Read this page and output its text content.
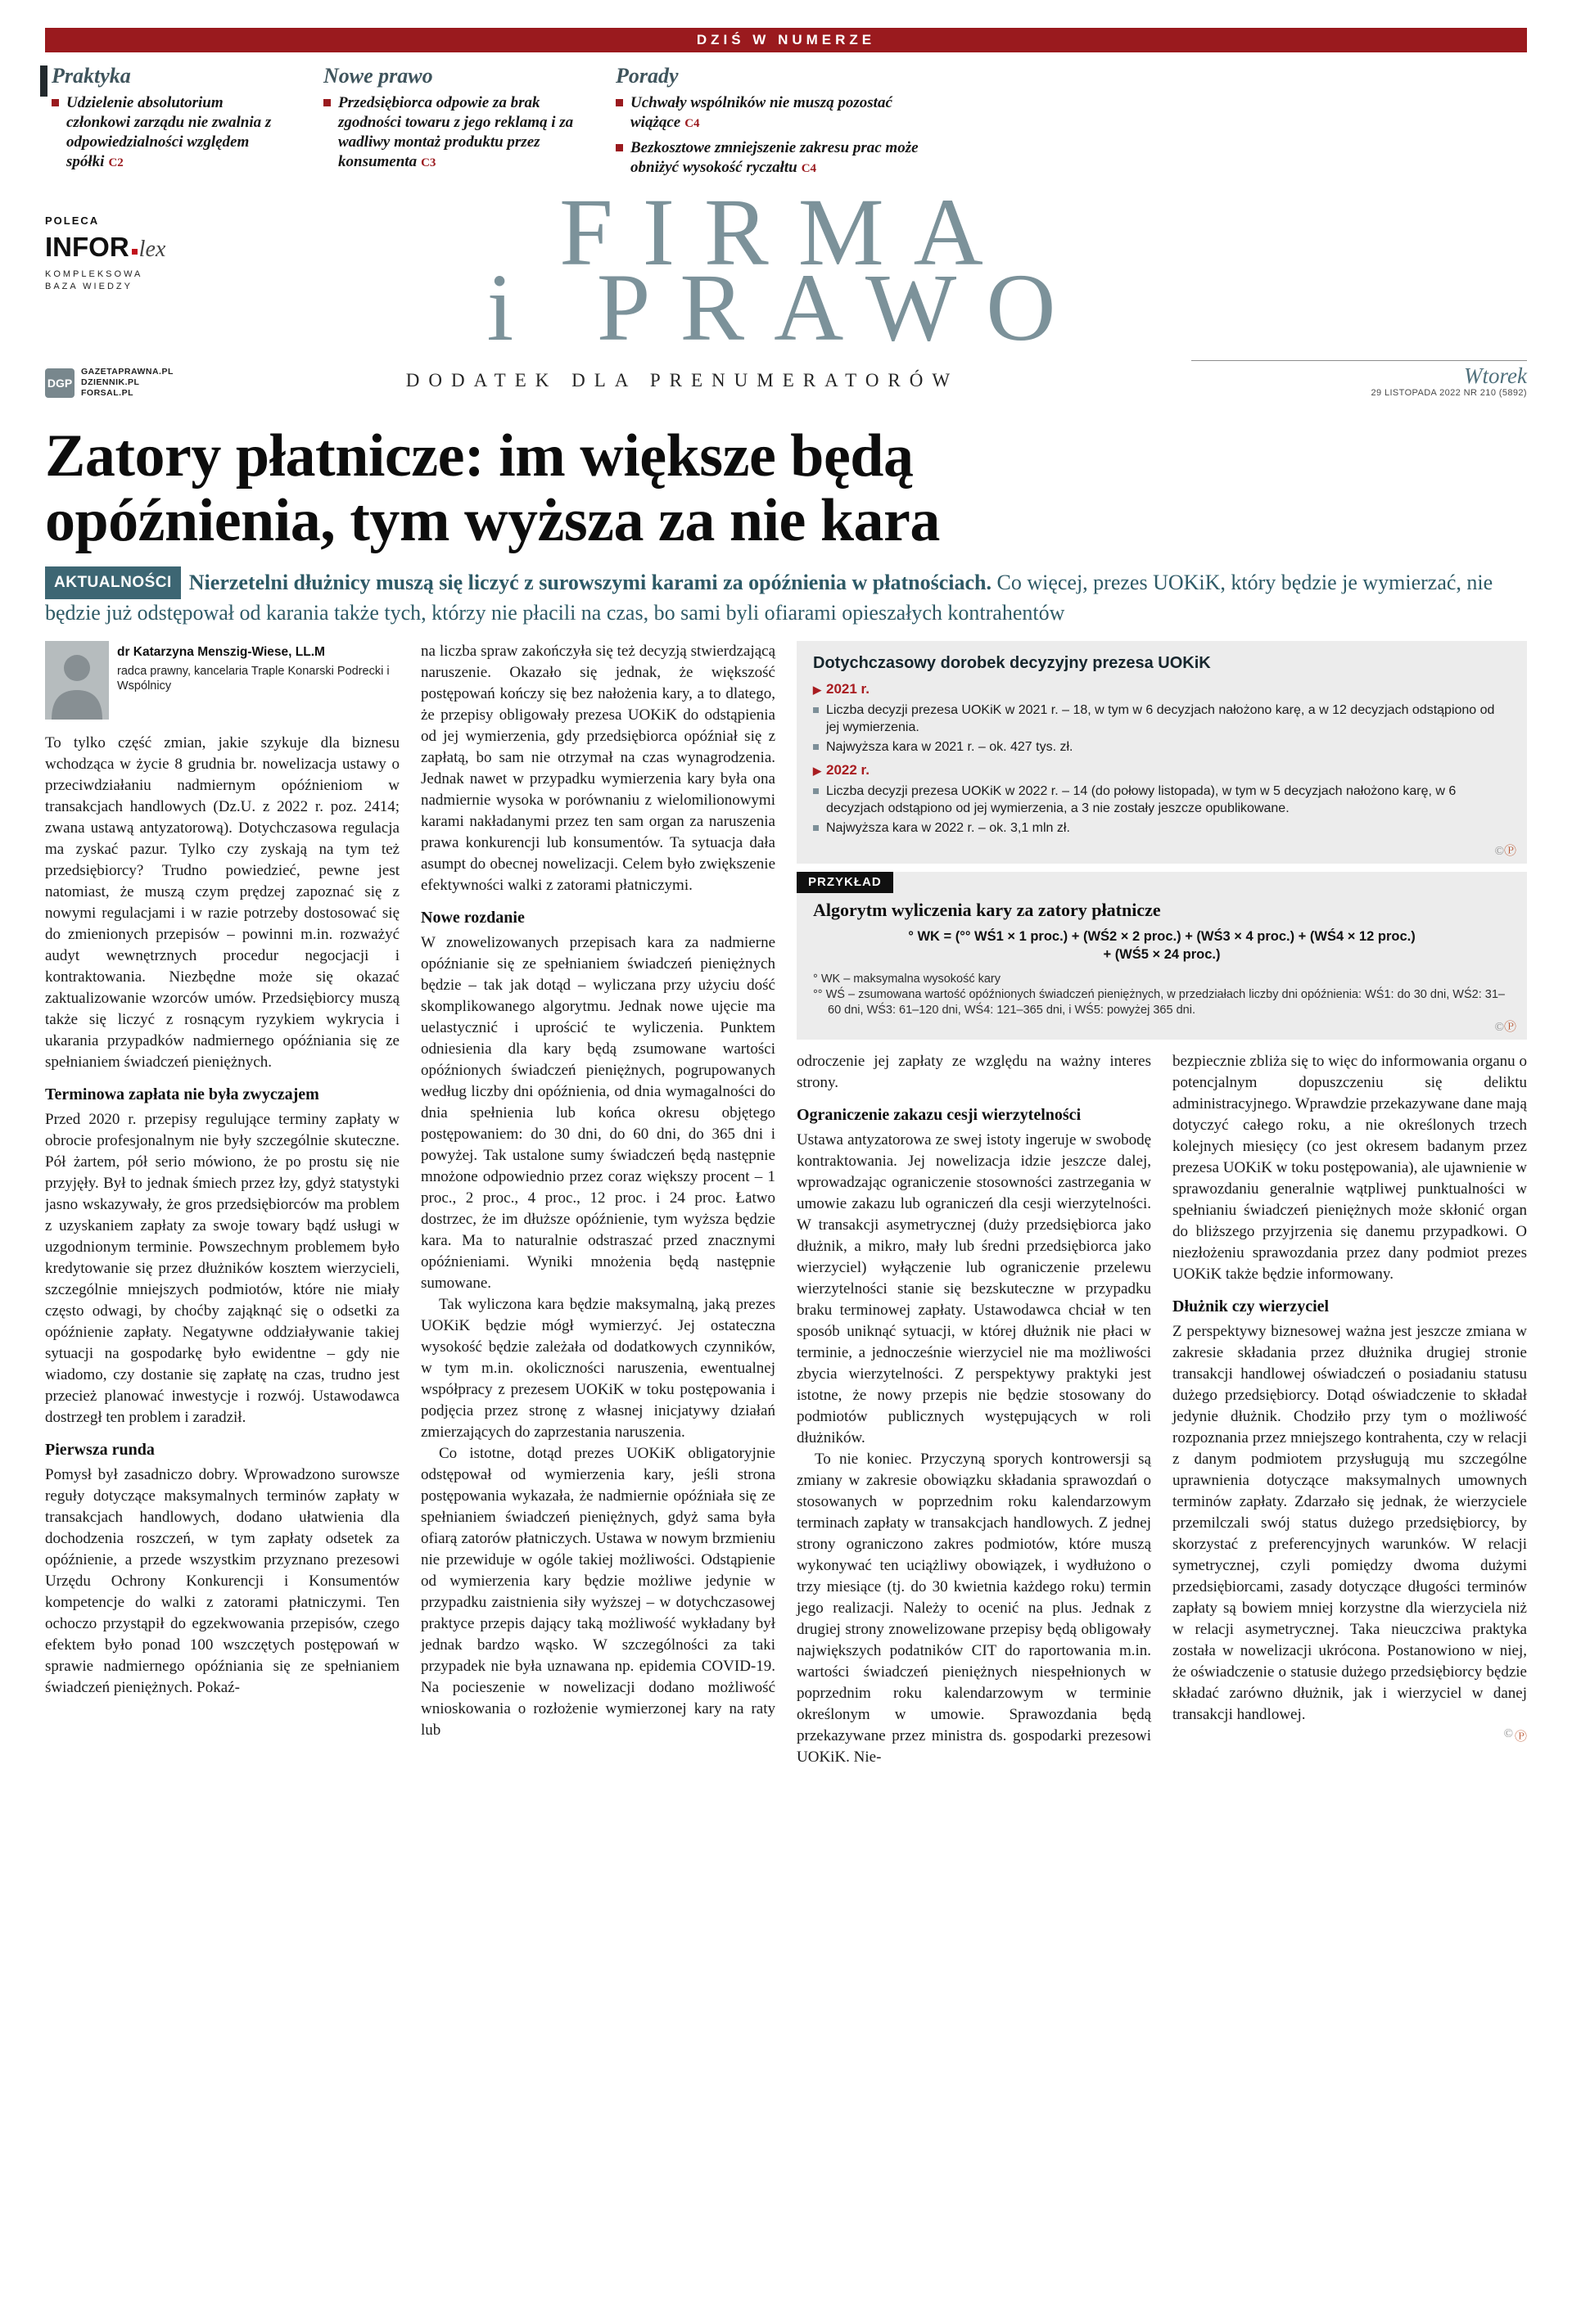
DZIŚ W NUMERZE
Praktyka
Udzielenie absolutorium członkowi zarządu nie zwalnia z odpowiedzialności względem spółki C2
Nowe prawo
Przedsiębiorca odpowie za brak zgodności towaru z jego reklamą i za wadliwy montaż produktu przez konsumenta C3
Porady
Uchwały wspólników nie muszą pozostać wiążące C4
Bezkosztowe zmniejszenie zakresu prac może obniżyć wysokość ryczałtu C4
POLECA
INFOR lex
KOMPLEKSOWA
BAZA WIEDZY
FIRMA
i PRAWO
DGP
GAZETAPRAWNA.PL
DZIENNIK.PL
FORSAL.PL
DODATEK DLA PRENUMERATORÓW	Wtorek
29 LISTOPADA 2022 NR 210 (5892)
Zatory płatnicze: im większe będą
opóźnienia, tym wyższa za nie kara

AKTUALNOŚCI Nierzetelni dłużnicy muszą się liczyć z surowszymi karami za opóźnienia w płatnościach. Co więcej, prezes UOKiK, który będzie je wymierzać, nie będzie już odstępował od karania także tych, którzy nie płacili na czas, bo sami byli ofiarami opieszałych kontrahentów

dr Katarzyna Menszig-Wiese, LL.M
radca prawny, kancelaria Traple Konarski Podrecki i Wspólnicy

To tylko część zmian, jakie szykuje dla biznesu wchodząca w życie 8 grudnia br. nowelizacja ustawy o przeciwdziałaniu nadmiernym opóźnieniom w transakcjach handlowych (Dz.U. z 2022 r. poz. 2414; zwana ustawą antyzatorową). Dotychczasowa regulacja ma zyskać pazur. Tylko czy zyskają na tym też przedsiębiorcy? Trudno powiedzieć, pewne jest natomiast, że muszą czym prędzej zapoznać się z nowymi regulacjami i w razie potrzeby dostosować się do zmienionych przepisów – powinni m.in. rozważyć audyt wewnętrznych procedur negocjacji i kontraktowania. Niezbędne może się okazać zaktualizowanie wzorców umów. Przedsiębiorcy muszą także się liczyć z rosnącym ryzykiem wykrycia i ukarania przypadków nadmiernego opóźniania się ze spełnianiem świadczeń pieniężnych.

Terminowa zapłata nie była zwyczajem

Przed 2020 r. przepisy regulujące terminy zapłaty w obrocie profesjonalnym nie były szczególnie skuteczne. Pół żartem, pół serio mówiono, że po prostu się nie przyjęły. Był to jednak śmiech przez łzy, gdyż statystyki jasno wskazywały, że gros przedsiębiorców ma problem z uzyskaniem zapłaty za swoje towary bądź usługi w uzgodnionym terminie. Powszechnym problemem było kredytowanie się przez dłużników kosztem wierzycieli, szczególnie mniejszych podmiotów, które nie miały często odwagi, by choćby zająknąć się o odsetki za opóźnienie zapłaty. Negatywne oddziaływanie takiej sytuacji na gospodarkę było ewidentne – gdy nie wiadomo, czy dostanie się zapłatę na czas, trudno jest przecież planować inwestycje i rozwój. Ustawodawca dostrzegł ten problem i zaradził.

Pierwsza runda

Pomysł był zasadniczo dobry. Wprowadzono surowsze reguły dotyczące maksymalnych terminów zapłaty w transakcjach handlowych, dodano ułatwienia dla dochodzenia roszczeń, w tym zapłaty odsetek za opóźnienie, a przede wszystkim przyznano prezesowi Urzędu Ochrony Konkurencji i Konsumentów kompetencje do walki z zatorami płatniczymi. Ten ochoczo przystąpił do egzekwowania przepisów, czego efektem było ponad 100 wszczętych postępowań w sprawie nadmiernego opóźniania się ze spełnianiem świadczeń pieniężnych. Pokaź-

na liczba spraw zakończyła się też decyzją stwierdzającą naruszenie. Okazało się jednak, że większość postępowań kończy się bez nałożenia kary, a to dlatego, że przepisy obligowały prezesa UOKiK do odstąpienia od jej wymierzenia, gdy przedsiębiorca opóźniał się z zapłatą, bo sam nie otrzymał na czas wynagrodzenia. Jednak nawet w przypadku wymierzenia kary była ona nadmiernie wysoka w porównaniu z wielomilionowymi karami nakładanymi przez ten sam organ za naruszenia prawa konkurencji lub konsumentów. Ta sytuacja dała asumpt do obecnej nowelizacji. Celem było zwiększenie efektywności walki z zatorami płatniczymi.

Nowe rozdanie

W znowelizowanych przepisach kara za nadmierne opóźnianie się ze spełnianiem świadczeń pieniężnych będzie – tak jak dotąd – wyliczana przy użyciu dość skomplikowanego algorytmu. Jednak nowe ujęcie ma uelastycznić i uprościć te wyliczenia. Punktem odniesienia dla kary będą zsumowane wartości opóźnionych świadczeń pieniężnych, pogrupowanych według liczby dni opóźnienia, od dnia wymagalności do dnia spełnienia lub końca okresu objętego postępowaniem: do 30 dni, do 60 dni, do 365 dni i powyżej. Tak ustalone sumy świadczeń będą następnie mnożone odpowiednio przez coraz większy procent – 1 proc., 2 proc., 4 proc., 12 proc. i 24 proc. Łatwo dostrzec, że im dłuższe opóźnienie, tym wyższa będzie kara. Ma to naturalnie odstraszać przed znacznymi opóźnieniami. Wyniki mnożenia będą następnie sumowane.

Tak wyliczona kara będzie maksymalną, jaką prezes UOKiK będzie mógł wymierzyć. Jej ostateczna wysokość będzie zależała od dodatkowych czynników, w tym m.in. okoliczności naruszenia, ewentualnej współpracy z prezesem UOKiK w toku postępowania i podjęcia przez stronę z własnej inicjatywy działań zmierzających do zaprzestania naruszenia.

Co istotne, dotąd prezes UOKiK obligatoryjnie odstępował od wymierzenia kary, jeśli strona postępowania wykazała, że nadmiernie opóźniała się ze spełnianiem świadczeń pieniężnych, gdyż sama była ofiarą zatorów płatniczych. Ustawa w nowym brzmieniu nie przewiduje w ogóle takiej możliwości. Odstąpienie od wymierzenia kary będzie możliwe jedynie w przypadku zaistnienia siły wyższej – w dotychczasowej praktyce przepis dający taką możliwość wykładany był jednak bardzo wąsko. W szczególności za taki przypadek nie była uznawana np. epidemia COVID-19. Na pocieszenie w nowelizacji dodano możliwość wnioskowania o rozłożenie wymierzonej kary na raty lub

Dotychczasowy dorobek decyzyjny prezesa UOKiK
▶ 2021 r.
Liczba decyzji prezesa UOKiK w 2021 r. – 18, w tym w 6 decyzjach nałożono karę, a w 12 decyzjach odstąpiono od jej wymierzenia.
Najwyższa kara w 2021 r. – ok. 427 tys. zł.
▶ 2022 r.
Liczba decyzji prezesa UOKiK w 2022 r. – 14 (do połowy listopada), w tym w 5 decyzjach nałożono karę, w 6 decyzjach odstąpiono od jej wymierzenia, a 3 nie zostały jeszcze opublikowane.
Najwyższa kara w 2022 r. – ok. 3,1 mln zł.
©Ⓟ
PRZYKŁAD
Algorytm wyliczenia kary za zatory płatnicze
° WK = (°° WŚ1 × 1 proc.) + (WŚ2 × 2 proc.) + (WŚ3 × 4 proc.) + (WŚ4 × 12 proc.)
+ (WŚ5 × 24 proc.)
° WK – maksymalna wysokość kary
°° WŚ – zsumowana wartość opóźnionych świadczeń pieniężnych, w przedziałach liczby dni opóźnienia: WŚ1: do 30 dni, WŚ2: 31–60 dni, WŚ3: 61–120 dni, WŚ4: 121–365 dni, i WŚ5: powyżej 365 dni.
©Ⓟ

odroczenie jej zapłaty ze względu na ważny interes strony.

Ograniczenie zakazu cesji wierzytelności

Ustawa antyzatorowa ze swej istoty ingeruje w swobodę kontraktowania. Jej nowelizacja idzie jeszcze dalej, wprowadzając ograniczenie stosowności zastrzegania w umowie zakazu lub ograniczeń dla cesji wierzytelności. W transakcji asymetrycznej (duży przedsiębiorca jako dłużnik, a mikro, mały lub średni przedsiębiorca jako wierzyciel) wyłączenie lub ograniczenie przelewu wierzytelności stanie się bezskuteczne w przypadku braku terminowej zapłaty. Ustawodawca chciał w ten sposób uniknąć sytuacji, w której dłużnik nie płaci w terminie, a jednocześnie wierzyciel nie ma możliwości zbycia wierzytelności. Z perspektywy praktyki jest istotne, że nowy przepis nie będzie stosowany do podmiotów publicznych występujących w roli dłużników.

To nie koniec. Przyczyną sporych kontrowersji są zmiany w zakresie obowiązku składania sprawozdań o stosowanych w poprzednim roku kalendarzowym terminach zapłaty w transakcjach handlowych. Z jednej strony ograniczono zakres podmiotów, które muszą wykonywać ten uciążliwy obowiązek, i wydłużono o trzy miesiące (tj. do 30 kwietnia każdego roku) termin jego realizacji. Należy to ocenić na plus. Jednak z drugiej strony znowelizowane przepisy będą obligowały największych podatników CIT do raportowania m.in. wartości świadczeń pieniężnych niespełnionych w poprzednim roku kalendarzowym w terminie określonym w umowie. Sprawozdania będą przekazywane przez ministra ds. gospodarki prezesowi UOKiK. Nie-

bezpiecznie zbliża się to więc do informowania organu o potencjalnym dopuszczeniu się deliktu administracyjnego. Wprawdzie przekazywane dane mają dotyczyć całego roku, a nie określonych trzech kolejnych miesięcy (co jest okresem badanym przez prezesa UOKiK w toku postępowania), ale ujawnienie w sprawozdaniu generalnie wątpliwej punktualności w spełnianiu świadczeń pieniężnych może skłonić organ do bliższego przyjrzenia się danemu przypadkowi. O niezłożeniu sprawozdania przez dany podmiot prezes UOKiK także będzie informowany.

Dłużnik czy wierzyciel

Z perspektywy biznesowej ważna jest jeszcze zmiana w zakresie składania przez dłużnika drugiej stronie transakcji handlowej oświadczeń o posiadaniu statusu dużego przedsiębiorcy. Dotąd oświadczenie to składał jedynie dłużnik. Chodziło przy tym o możliwość rozpoznania przez mniejszego kontrahenta, czy w relacji z danym podmiotem przysługują mu szczególne uprawnienia dotyczące maksymalnych umownych terminów zapłaty. Zdarzało się jednak, że wierzyciele przemilczali swój status dużego przedsiębiorcy, by skorzystać z preferencyjnych warunków. W relacji symetrycznej, czyli pomiędzy dwoma dużymi przedsiębiorcami, zasady dotyczące długości terminów zapłaty są bowiem mniej korzystne dla wierzyciela niż w relacji asymetrycznej. Taka nieuczciwa praktyka została w nowelizacji ukrócona. Postanowiono w niej, że oświadczenie o statusie dużego przedsiębiorcy będzie składać zarówno dłużnik, jak i wierzyciel w danej transakcji handlowej.

© Ⓟ
